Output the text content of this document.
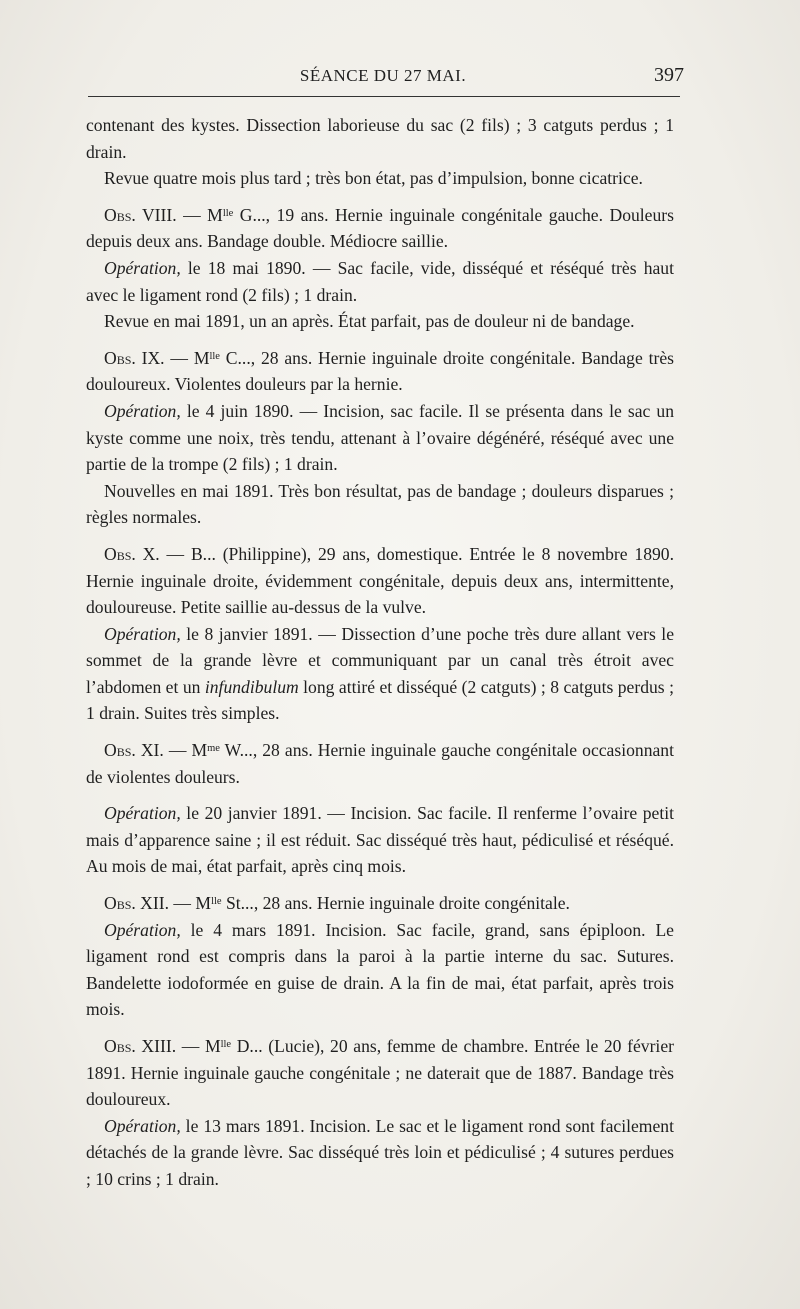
SÉANCE DU 27 MAI.	397

contenant des kystes. Dissection laborieuse du sac (2 fils) ; 3 catguts perdus ; 1 drain.

Revue quatre mois plus tard ; très bon état, pas d’impulsion, bonne cicatrice.

Obs. VIII. — $M^{lle}$ G..., 19 ans. Hernie inguinale congénitale gauche. Douleurs depuis deux ans. Bandage double. Médiocre saillie.

Opération, le 18 mai 1890. — Sac facile, vide, disséqué et réséqué très haut avec le ligament rond (2 fils) ; 1 drain.

Revue en mai 1891, un an après. État parfait, pas de douleur ni de bandage.

Obs. IX. — $M^{lle}$ C..., 28 ans. Hernie inguinale droite congénitale. Bandage très douloureux. Violentes douleurs par la hernie.

Opération, le 4 juin 1890. — Incision, sac facile. Il se présenta dans le sac un kyste comme une noix, très tendu, attenant à l’ovaire dégénéré, réséqué avec une partie de la trompe (2 fils) ; 1 drain.

Nouvelles en mai 1891. Très bon résultat, pas de bandage ; douleurs disparues ; règles normales.

Obs. X. — B... (Philippine), 29 ans, domestique. Entrée le 8 novembre 1890. Hernie inguinale droite, évidemment congénitale, depuis deux ans, intermittente, douloureuse. Petite saillie au-dessus de la vulve.

Opération, le 8 janvier 1891. — Dissection d’une poche très dure allant vers le sommet de la grande lèvre et communiquant par un canal très étroit avec l’abdomen et un infundibulum long attiré et disséqué (2 catguts) ; 8 catguts perdus ; 1 drain. Suites très simples.

Obs. XI. — $M^{me}$ W..., 28 ans. Hernie inguinale gauche congénitale occasionnant de violentes douleurs.

Opération, le 20 janvier 1891. — Incision. Sac facile. Il renferme l’ovaire petit mais d’apparence saine ; il est réduit. Sac disséqué très haut, pédiculisé et réséqué. Au mois de mai, état parfait, après cinq mois.

Obs. XII. — $M^{lle}$ St..., 28 ans. Hernie inguinale droite congénitale.

Opération, le 4 mars 1891. Incision. Sac facile, grand, sans épiploon. Le ligament rond est compris dans la paroi à la partie interne du sac. Sutures. Bandelette iodoformée en guise de drain. A la fin de mai, état parfait, après trois mois.

Obs. XIII. — $M^{lle}$ D... (Lucie), 20 ans, femme de chambre. Entrée le 20 février 1891. Hernie inguinale gauche congénitale ; ne daterait que de 1887. Bandage très douloureux.

Opération, le 13 mars 1891. Incision. Le sac et le ligament rond sont facilement détachés de la grande lèvre. Sac disséqué très loin et pédiculisé ; 4 sutures perdues ; 10 crins ; 1 drain.
